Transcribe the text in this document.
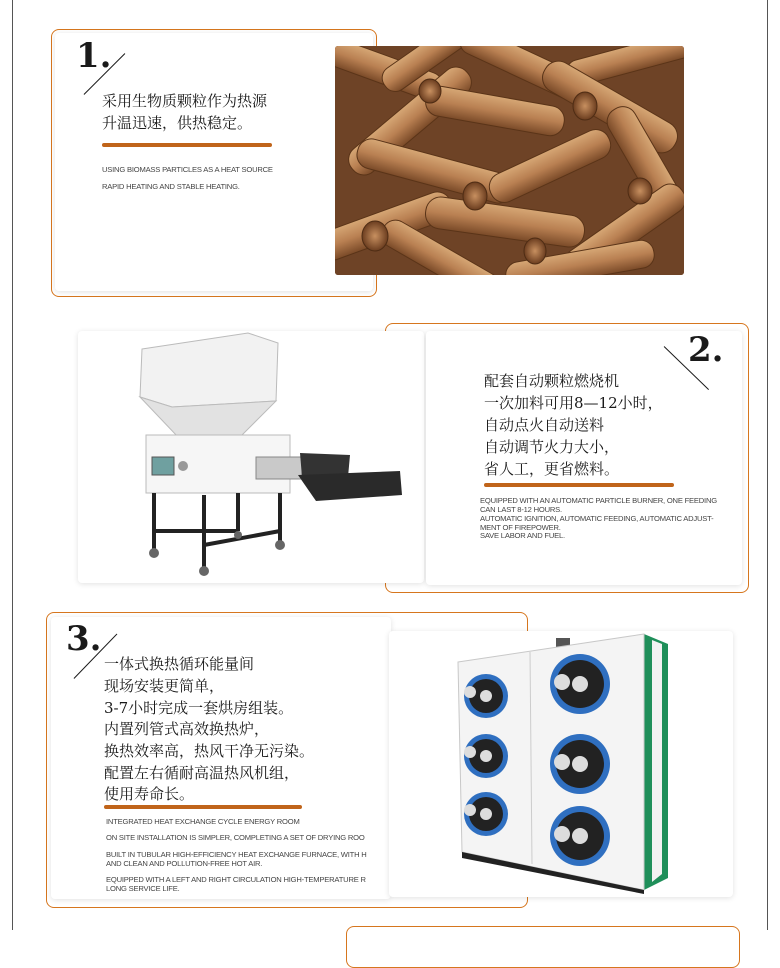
1.
采用生物质颗粒作为热源
升温迅速，供热稳定。
USING BIOMASS PARTICLES AS A HEAT SOURCE
RAPID HEATING AND STABLE HEATING.
2.
配套自动颗粒燃烧机
一次加料可用8—12小时，
自动点火自动送料
自动调节火力大小，
省人工，更省燃料。
EQUIPPED WITH AN AUTOMATIC PARTICLE BURNER, ONE FEEDING
CAN LAST 8-12 HOURS.
AUTOMATIC IGNITION, AUTOMATIC FEEDING, AUTOMATIC ADJUST-
MENT OF FIREPOWER.
SAVE LABOR AND FUEL.
3.
一体式换热循环能量间
现场安装更简单，
3-7小时完成一套烘房组装。
内置列管式高效换热炉，
换热效率高，热风干净无污染。
配置左右循耐高温热风机组，
使用寿命长。
INTEGRATED HEAT EXCHANGE CYCLE ENERGY ROOM
ON SITE INSTALLATION IS SIMPLER, COMPLETING A SET OF DRYING ROO
BUILT IN TUBULAR HIGH-EFFICIENCY HEAT EXCHANGE FURNACE, WITH H
AND CLEAN AND POLLUTION-FREE HOT AIR.
EQUIPPED WITH A LEFT AND RIGHT CIRCULATION HIGH-TEMPERATURE R
LONG SERVICE LIFE.
